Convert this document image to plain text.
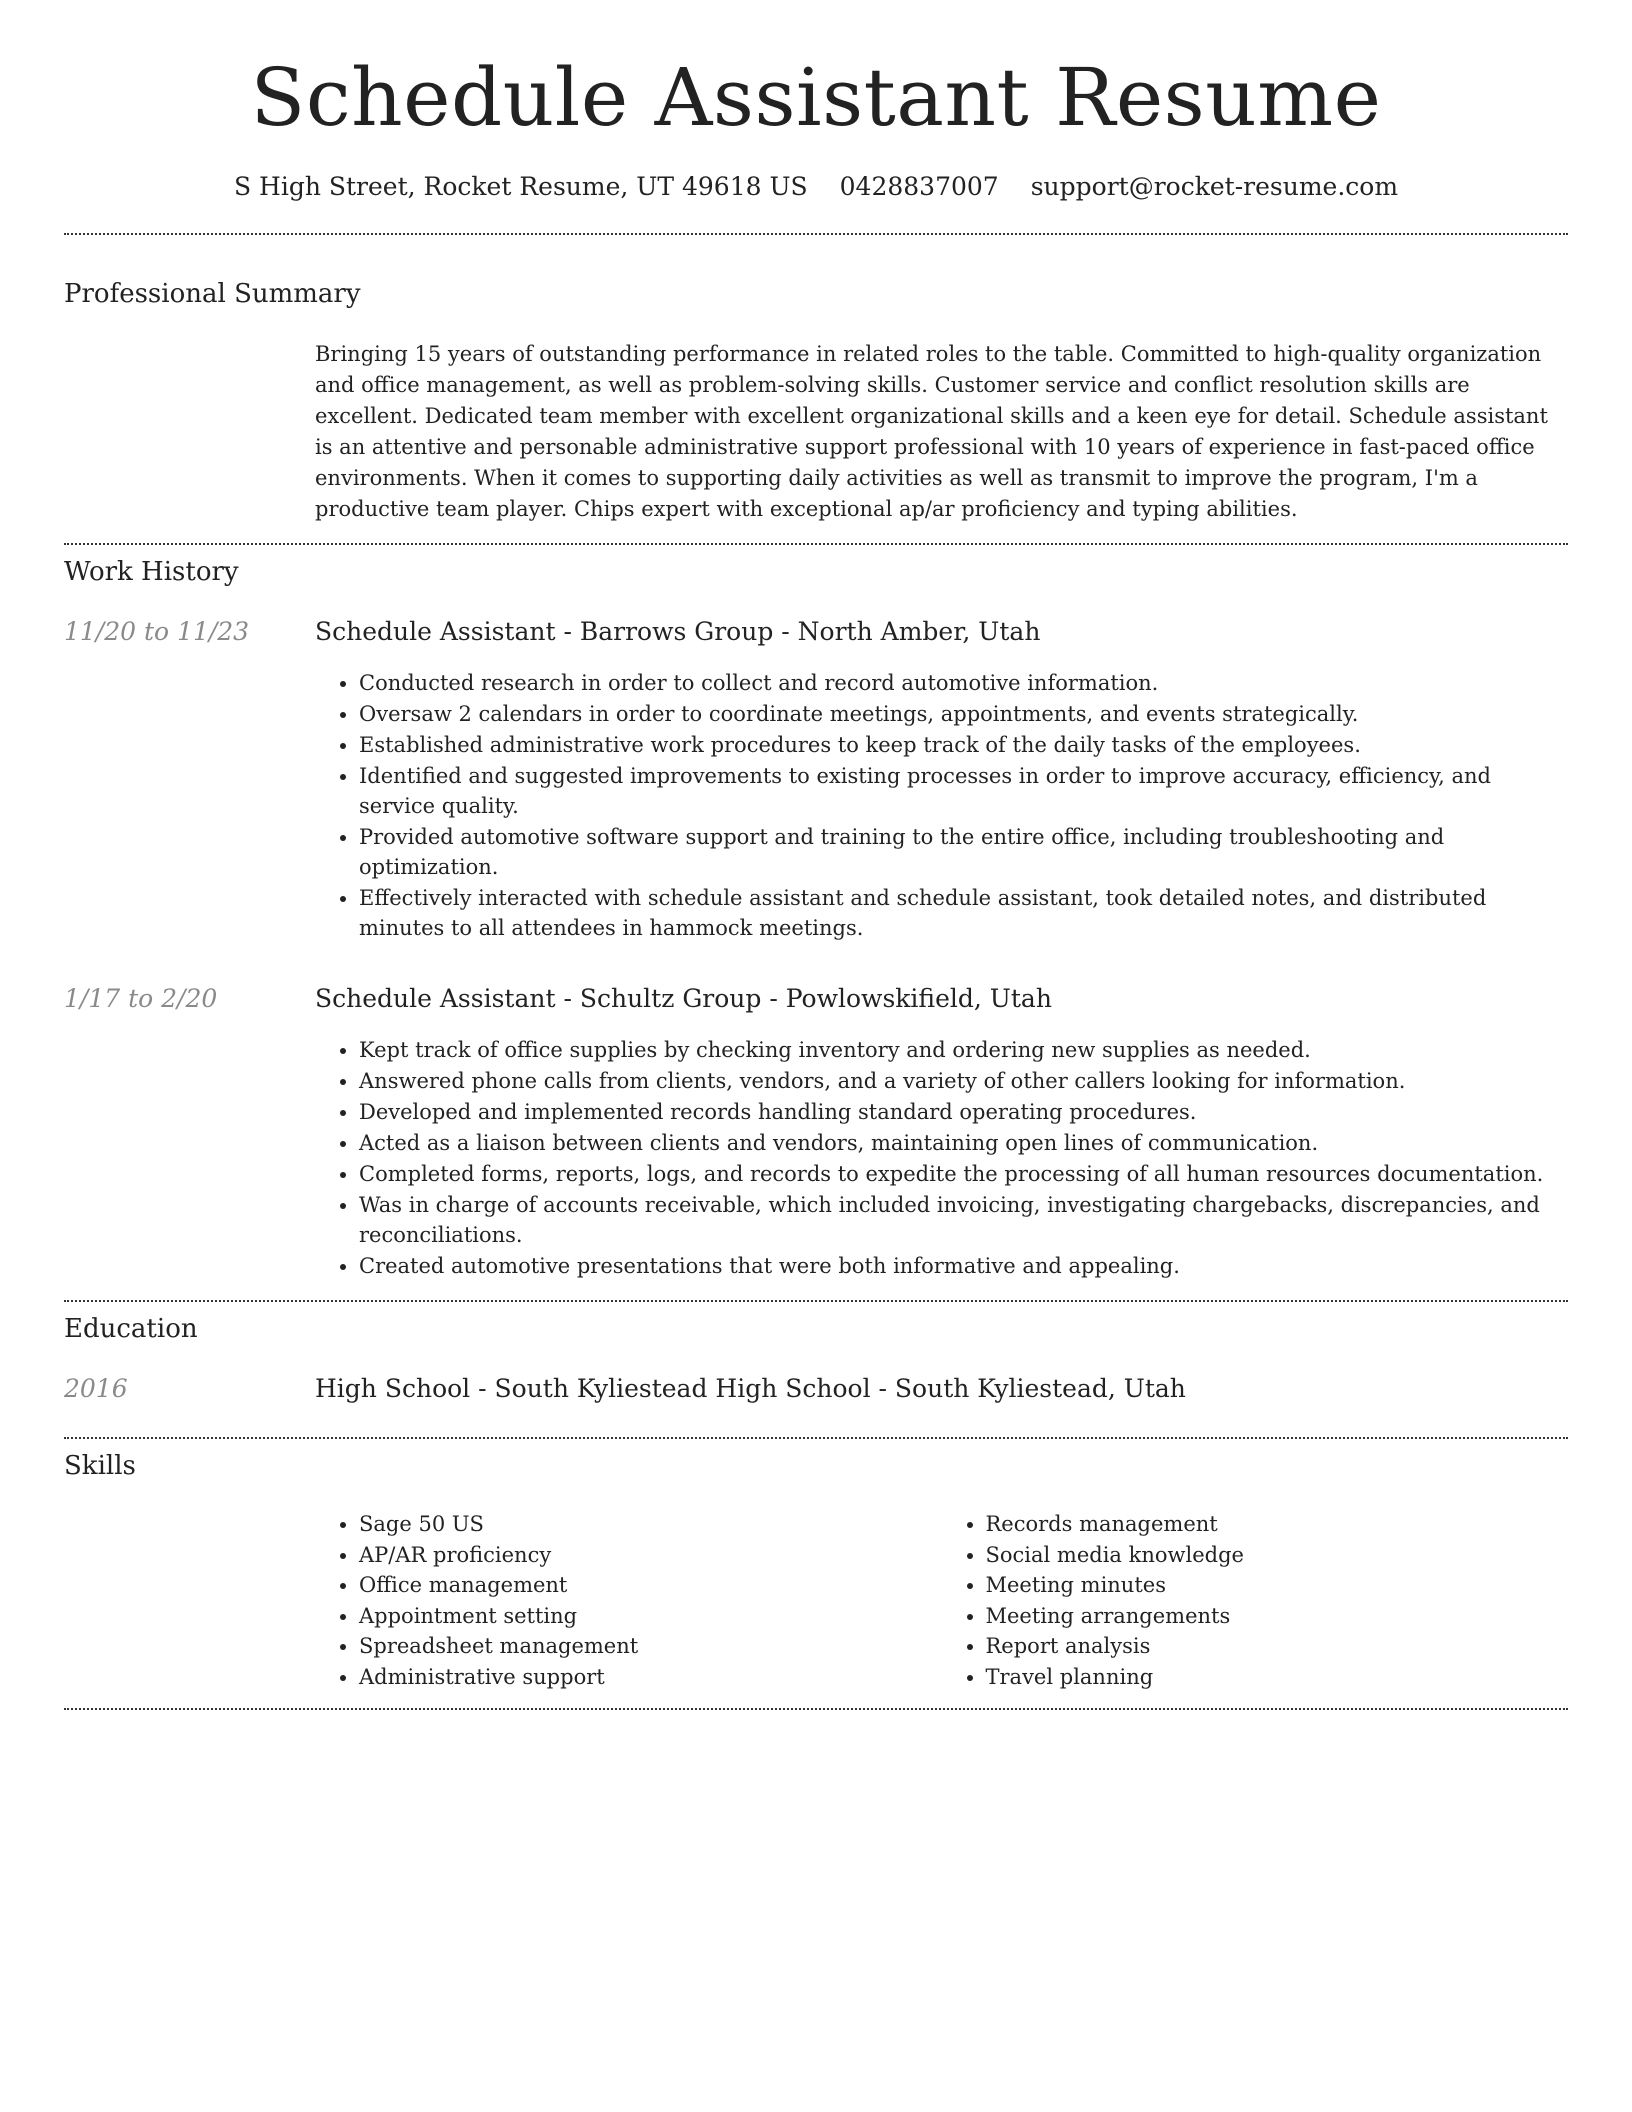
Schedule Assistant Resume
S High Street, Rocket Resume, UT 49618 US 0428837007 support@rocket-resume.com
Professional Summary

Bringing 15 years of outstanding performance in related roles to the table. Committed to high-quality organization and office management, as well as problem-solving skills. Customer service and conflict resolution skills are excellent. Dedicated team member with excellent organizational skills and a keen eye for detail. Schedule assistant is an attentive and personable administrative support professional with 10 years of experience in fast-paced office environments. When it comes to supporting daily activities as well as transmit to improve the program, I'm a productive team player. Chips expert with exceptional ap/ar proficiency and typing abilities.

Work History
11/20 to 11/23	Schedule Assistant - Barrows Group - North Amber, Utah
• Conducted research in order to collect and record automotive information.
• Oversaw 2 calendars in order to coordinate meetings, appointments, and events strategically.
• Established administrative work procedures to keep track of the daily tasks of the employees.
• Identified and suggested improvements to existing processes in order to improve accuracy, efficiency, and service quality.
• Provided automotive software support and training to the entire office, including troubleshooting and optimization.
• Effectively interacted with schedule assistant and schedule assistant, took detailed notes, and distributed minutes to all attendees in hammock meetings.
1/17 to 2/20	Schedule Assistant - Schultz Group - Powlowskifield, Utah
• Kept track of office supplies by checking inventory and ordering new supplies as needed.
• Answered phone calls from clients, vendors, and a variety of other callers looking for information.
• Developed and implemented records handling standard operating procedures.
• Acted as a liaison between clients and vendors, maintaining open lines of communication.
• Completed forms, reports, logs, and records to expedite the processing of all human resources documentation.
• Was in charge of accounts receivable, which included invoicing, investigating chargebacks, discrepancies, and reconciliations.
• Created automotive presentations that were both informative and appealing.
Education
2016	High School - South Kyliestead High School - South Kyliestead, Utah
Skills
• Sage 50 US
• AP/AR proficiency
• Office management
• Appointment setting
• Spreadsheet management
• Administrative support
• Records management
• Social media knowledge
• Meeting minutes
• Meeting arrangements
• Report analysis
• Travel planning
